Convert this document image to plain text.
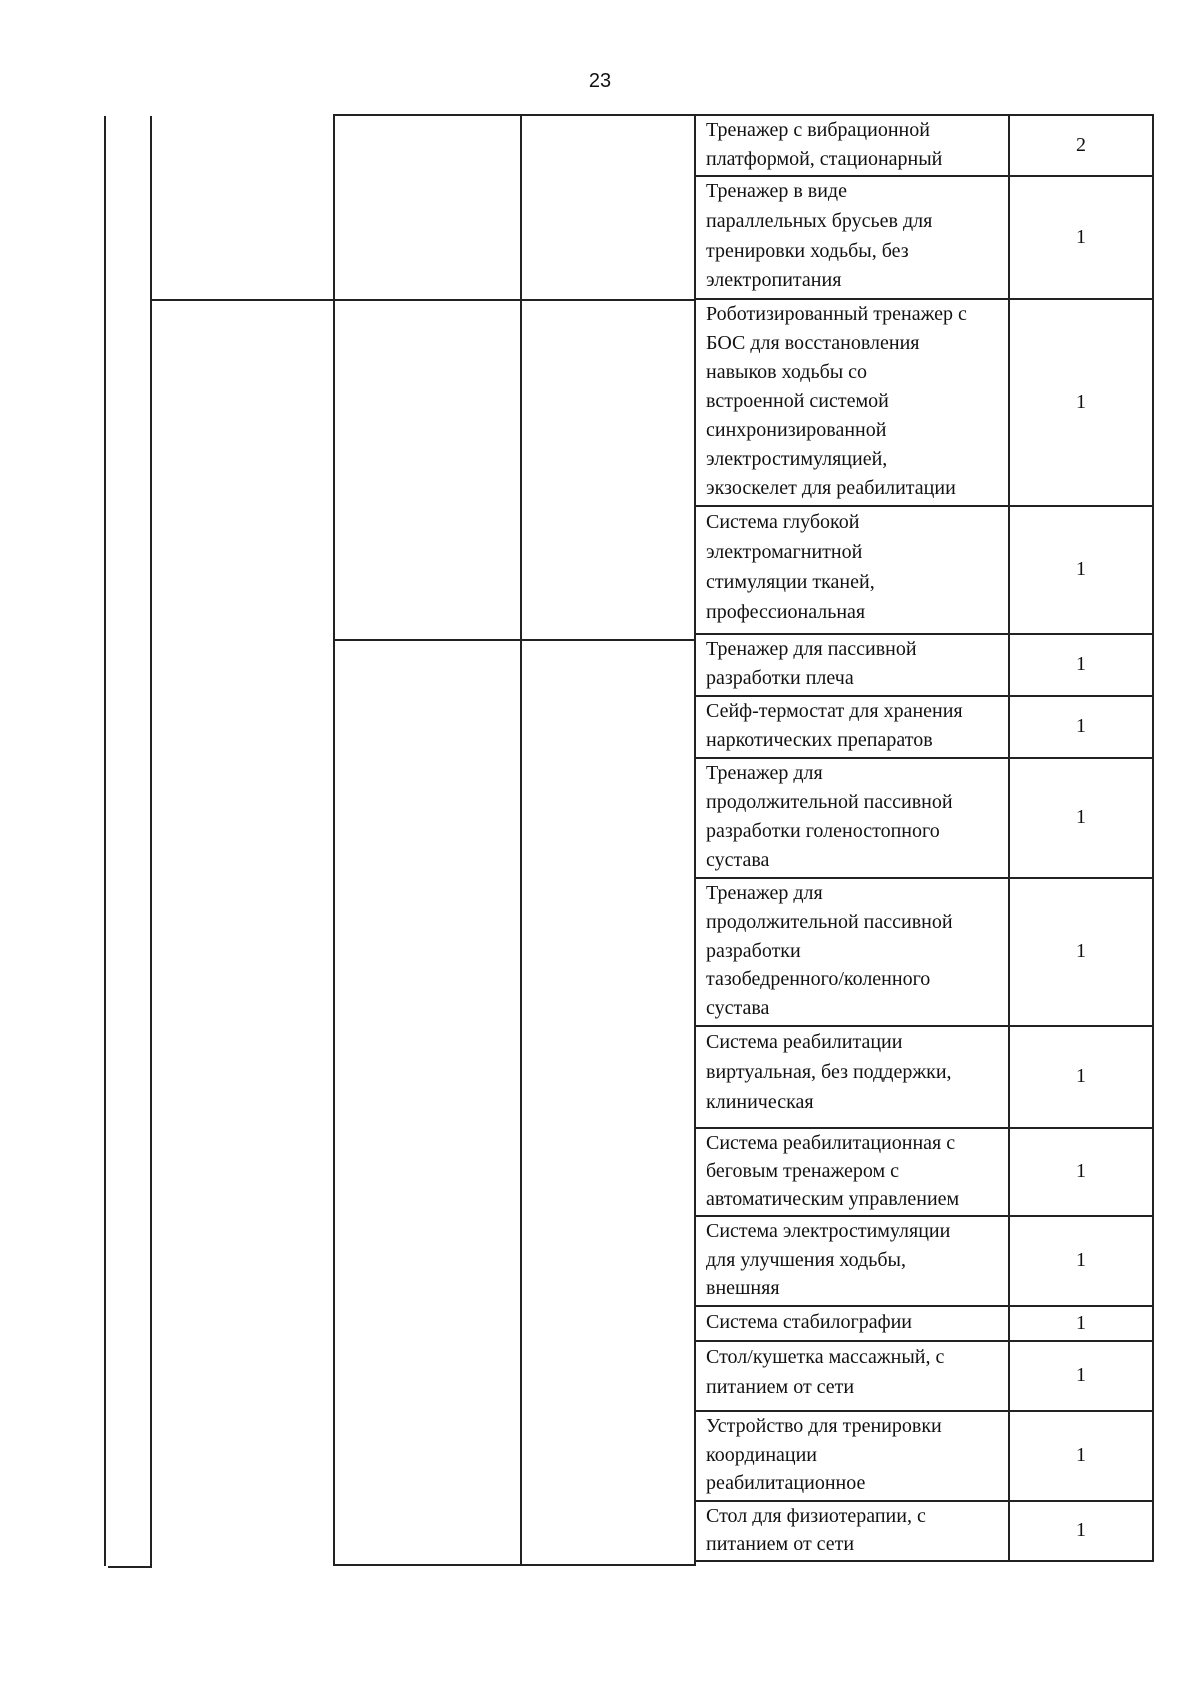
23
Тренажер с вибрационной
платформой, стационарный
2
Тренажер в виде
параллельных брусьев для
тренировки ходьбы, без
электропитания
1
Роботизированный тренажер с
БОС для восстановления
навыков ходьбы со
встроенной системой
синхронизированной
электростимуляцией,
экзоскелет для реабилитации
1
Система глубокой
электромагнитной
стимуляции тканей,
профессиональная
1
Тренажер для пассивной
разработки плеча
1
Сейф-термостат для хранения
наркотических препаратов
1
Тренажер для
продолжительной пассивной
разработки голеностопного
сустава
1
Тренажер для
продолжительной пассивной
разработки
тазобедренного/коленного
сустава
1
Система реабилитации
виртуальная, без поддержки,
клиническая
1
Система реабилитационная с
беговым тренажером с
автоматическим управлением
1
Система электростимуляции
для улучшения ходьбы,
внешняя
1
Система стабилографии	1
Стол/кушетка массажный, с
питанием от сети
1
Устройство для тренировки
координации
реабилитационное
1
Стол для физиотерапии, с
питанием от сети
1
